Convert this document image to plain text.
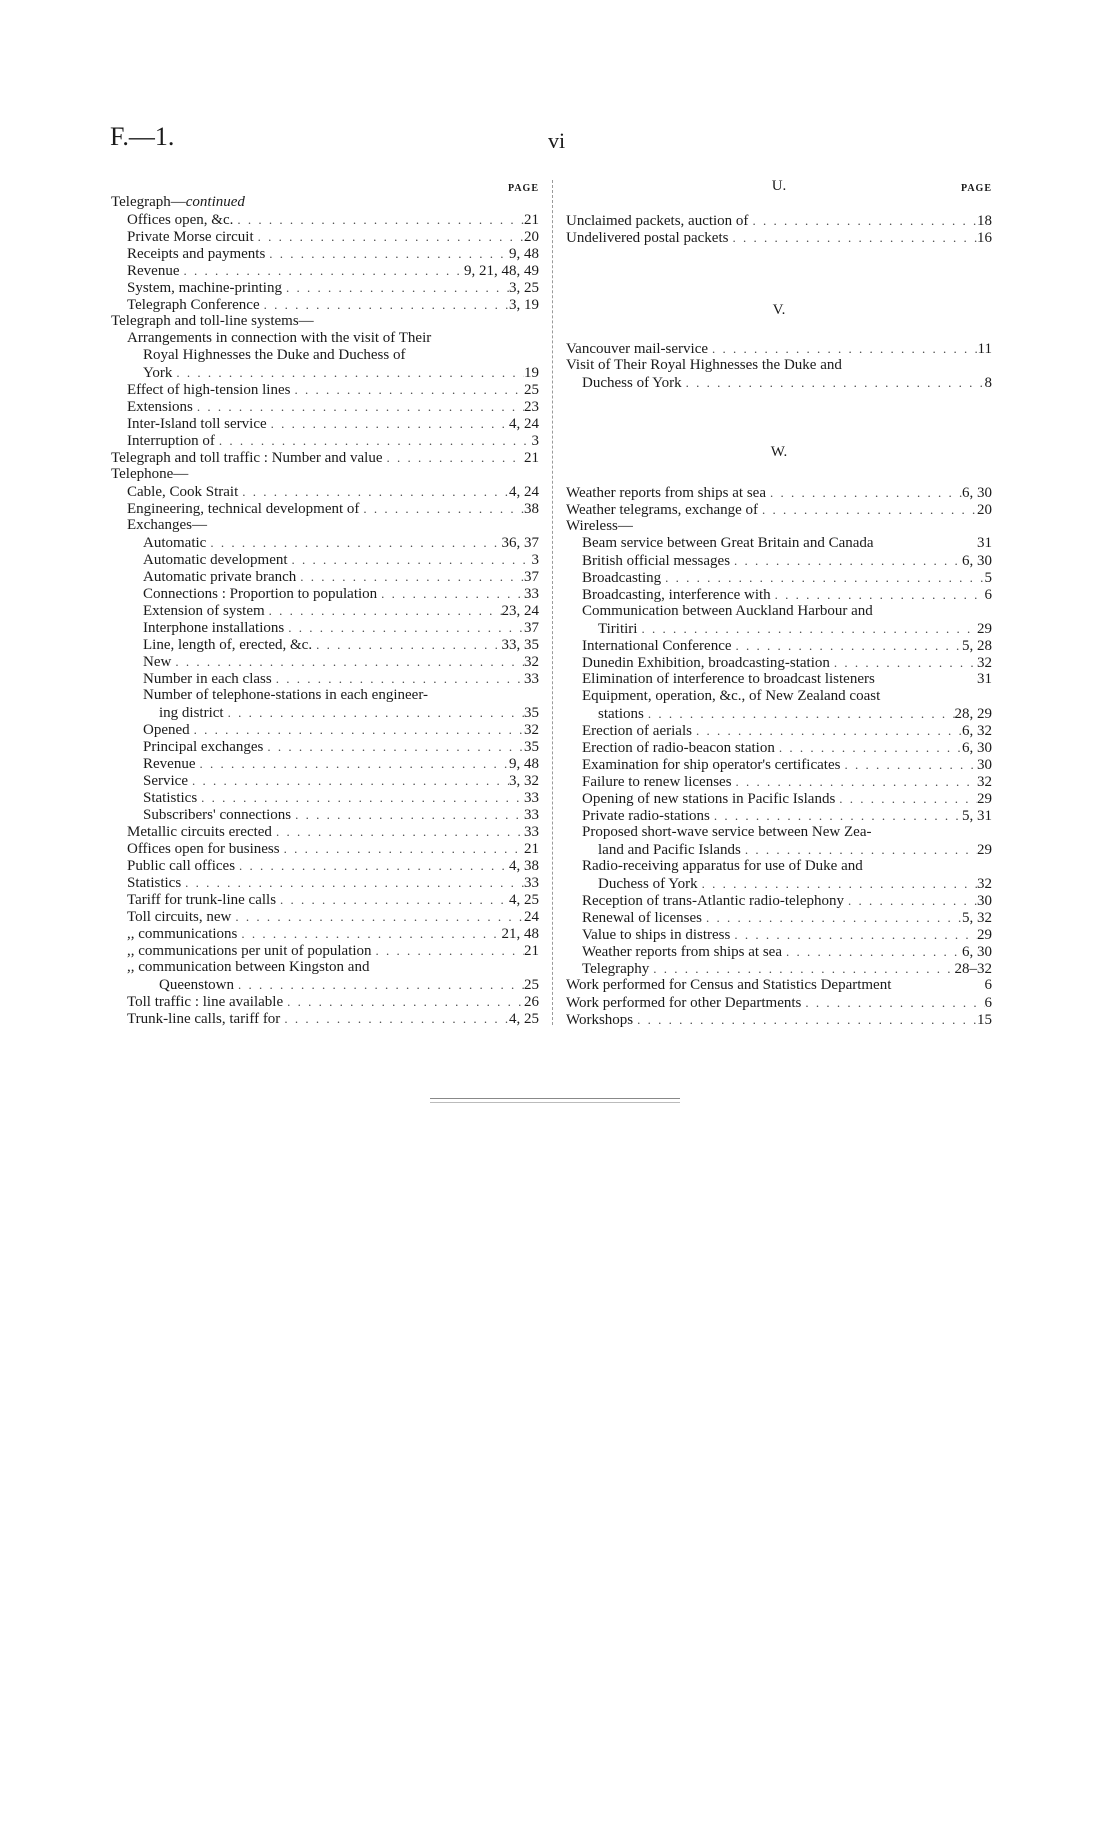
F.—1.	vi
PAGE
Telegraph—continued
Offices open, &c. . . .	21
Private Morse circuit . . .	20
Receipts and payments . . .	9, 48
Revenue . . .	9, 21, 48, 49
System, machine-printing . . .	3, 25
Telegraph Conference . . .	3, 19
Telegraph and toll-line systems—
Arrangements in connection with the visit of Their
Royal Highnesses the Duke and Duchess of
York . . .	19
Effect of high-tension lines . . .	25
Extensions . . .	23
Inter-Island toll service . . .	4, 24
Interruption of . . .	3
Telegraph and toll traffic : Number and value . . .	21
Telephone—
Cable, Cook Strait . . .	4, 24
Engineering, technical development of . . .	38
Exchanges—
Automatic . . .	36, 37
Automatic development . . .	3
Automatic private branch . . .	37
Connections : Proportion to population . . .	33
Extension of system . . .	23, 24
Interphone installations . . .	37
Line, length of, erected, &c. . . .	33, 35
New . . .	32
Number in each class . . .	33
Number of telephone-stations in each engineer-
ing district . . .	35
Opened . . .	32
Principal exchanges . . .	35
Revenue . . .	9, 48
Service . . .	3, 32
Statistics . . .	33
Subscribers' connections . . .	33
Metallic circuits erected . . .	33
Offices open for business . . .	21
Public call offices . . .	4, 38
Statistics . . .	33
Tariff for trunk-line calls . . .	4, 25
Toll circuits, new . . .	24
,, communications . . .	21, 48
,, communications per unit of population . . .	21
,, communication between Kingston and
Queenstown . . .	25
Toll traffic : line available . . .	26
Trunk-line calls, tariff for . . .	4, 25
PAGE
U.
Unclaimed packets, auction of . . .	18
Undelivered postal packets . . .	16
V.
Vancouver mail-service . . .	11
Visit of Their Royal Highnesses the Duke and
Duchess of York . . .	8
W.
Weather reports from ships at sea . . .	6, 30
Weather telegrams, exchange of . . .	20
Wireless—
Beam service between Great Britain and Canada	31
British official messages . . .	6, 30
Broadcasting . . .	5
Broadcasting, interference with . . .	6
Communication between Auckland Harbour and
Tiritiri . . .	29
International Conference . . .	5, 28
Dunedin Exhibition, broadcasting-station . . .	32
Elimination of interference to broadcast listeners	31
Equipment, operation, &c., of New Zealand coast
stations . . .	28, 29
Erection of aerials . . .	6, 32
Erection of radio-beacon station . . .	6, 30
Examination for ship operator's certificates . . .	30
Failure to renew licenses . . .	32
Opening of new stations in Pacific Islands . . .	29
Private radio-stations . . .	5, 31
Proposed short-wave service between New Zea-
land and Pacific Islands . . .	29
Radio-receiving apparatus for use of Duke and
Duchess of York . . .	32
Reception of trans-Atlantic radio-telephony . . .	30
Renewal of licenses . . .	5, 32
Value to ships in distress . . .	29
Weather reports from ships at sea . . .	6, 30
Telegraphy . . .	28–32
Work performed for Census and Statistics Department	6
Work performed for other Departments . . .	6
Workshops . . .	15
